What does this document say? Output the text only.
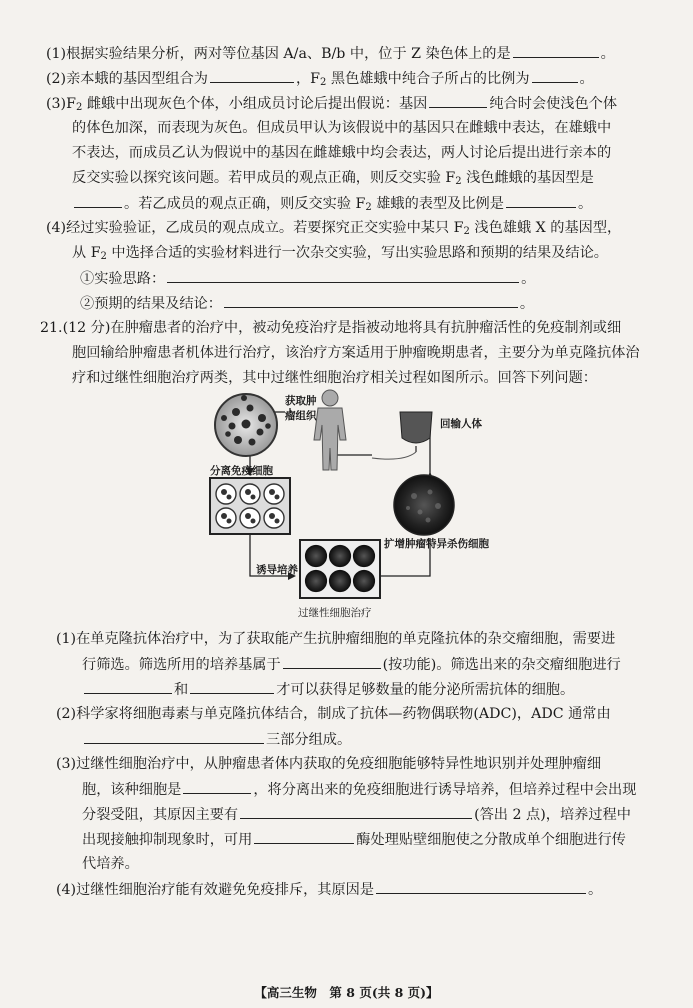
(1)根据实验结果分析，两对等位基因 A/a、B/b 中，位于 Z 染色体上的是	。
(2)亲本蛾的基因型组合为	，$F_2$ 黑色雄蛾中纯合子所占的比例为	。
$(3)F_2$ 雌蛾中出现灰色个体，小组成员讨论后提出假说：基因	纯合时会使浅色个体
的体色加深，而表现为灰色。但成员甲认为该假说中的基因只在雌蛾中表达，在雄蛾中
不表达，而成员乙认为假说中的基因在雌雄蛾中均会表达，两人讨论后提出进行亲本的
反交实验以探究该问题。若甲成员的观点正确，则反交实验 $F_2$ 浅色雌蛾的基因型是
。若乙成员的观点正确，则反交实验 $F_2$ 雄蛾的表型及比例是	。
(4)经过实验验证，乙成员的观点成立。若要探究正交实验中某只 $F_2$ 浅色雄蛾 X 的基因型，
从 $F_2$ 中选择合适的实验材料进行一次杂交实验，写出实验思路和预期的结果及结论。
①实验思路：	。
②预期的结果及结论：	。
21.(12 分)在肿瘤患者的治疗中，被动免疫治疗是指被动地将具有抗肿瘤活性的免疫制剂或细
胞回输给肿瘤患者机体进行治疗，该治疗方案适用于肿瘤晚期患者，主要分为单克隆抗体治
疗和过继性细胞治疗两类，其中过继性细胞治疗相关过程如图所示。回答下列问题：
获取肿
瘤组织
回输人体
分离免疫细胞
扩增肿瘤特异杀伤细胞
诱导培养
过继性细胞治疗
(1)在单克隆抗体治疗中，为了获取能产生抗肿瘤细胞的单克隆抗体的杂交瘤细胞，需要进
行筛选。筛选所用的培养基属于	(按功能)。筛选出来的杂交瘤细胞进行
和	才可以获得足够数量的能分泌所需抗体的细胞。
(2)科学家将细胞毒素与单克隆抗体结合，制成了抗体—药物偶联物(ADC)，ADC 通常由
三部分组成。
(3)过继性细胞治疗中，从肿瘤患者体内获取的免疫细胞能够特异性地识别并处理肿瘤细
胞，该种细胞是	，将分离出来的免疫细胞进行诱导培养，但培养过程中会出现
分裂受阻，其原因主要有	(答出 2 点)，培养过程中
出现接触抑制现象时，可用	酶处理贴壁细胞使之分散成单个细胞进行传
代培养。
(4)过继性细胞治疗能有效避免免疫排斥，其原因是	。
【高三生物　第 8 页(共 8 页)】
